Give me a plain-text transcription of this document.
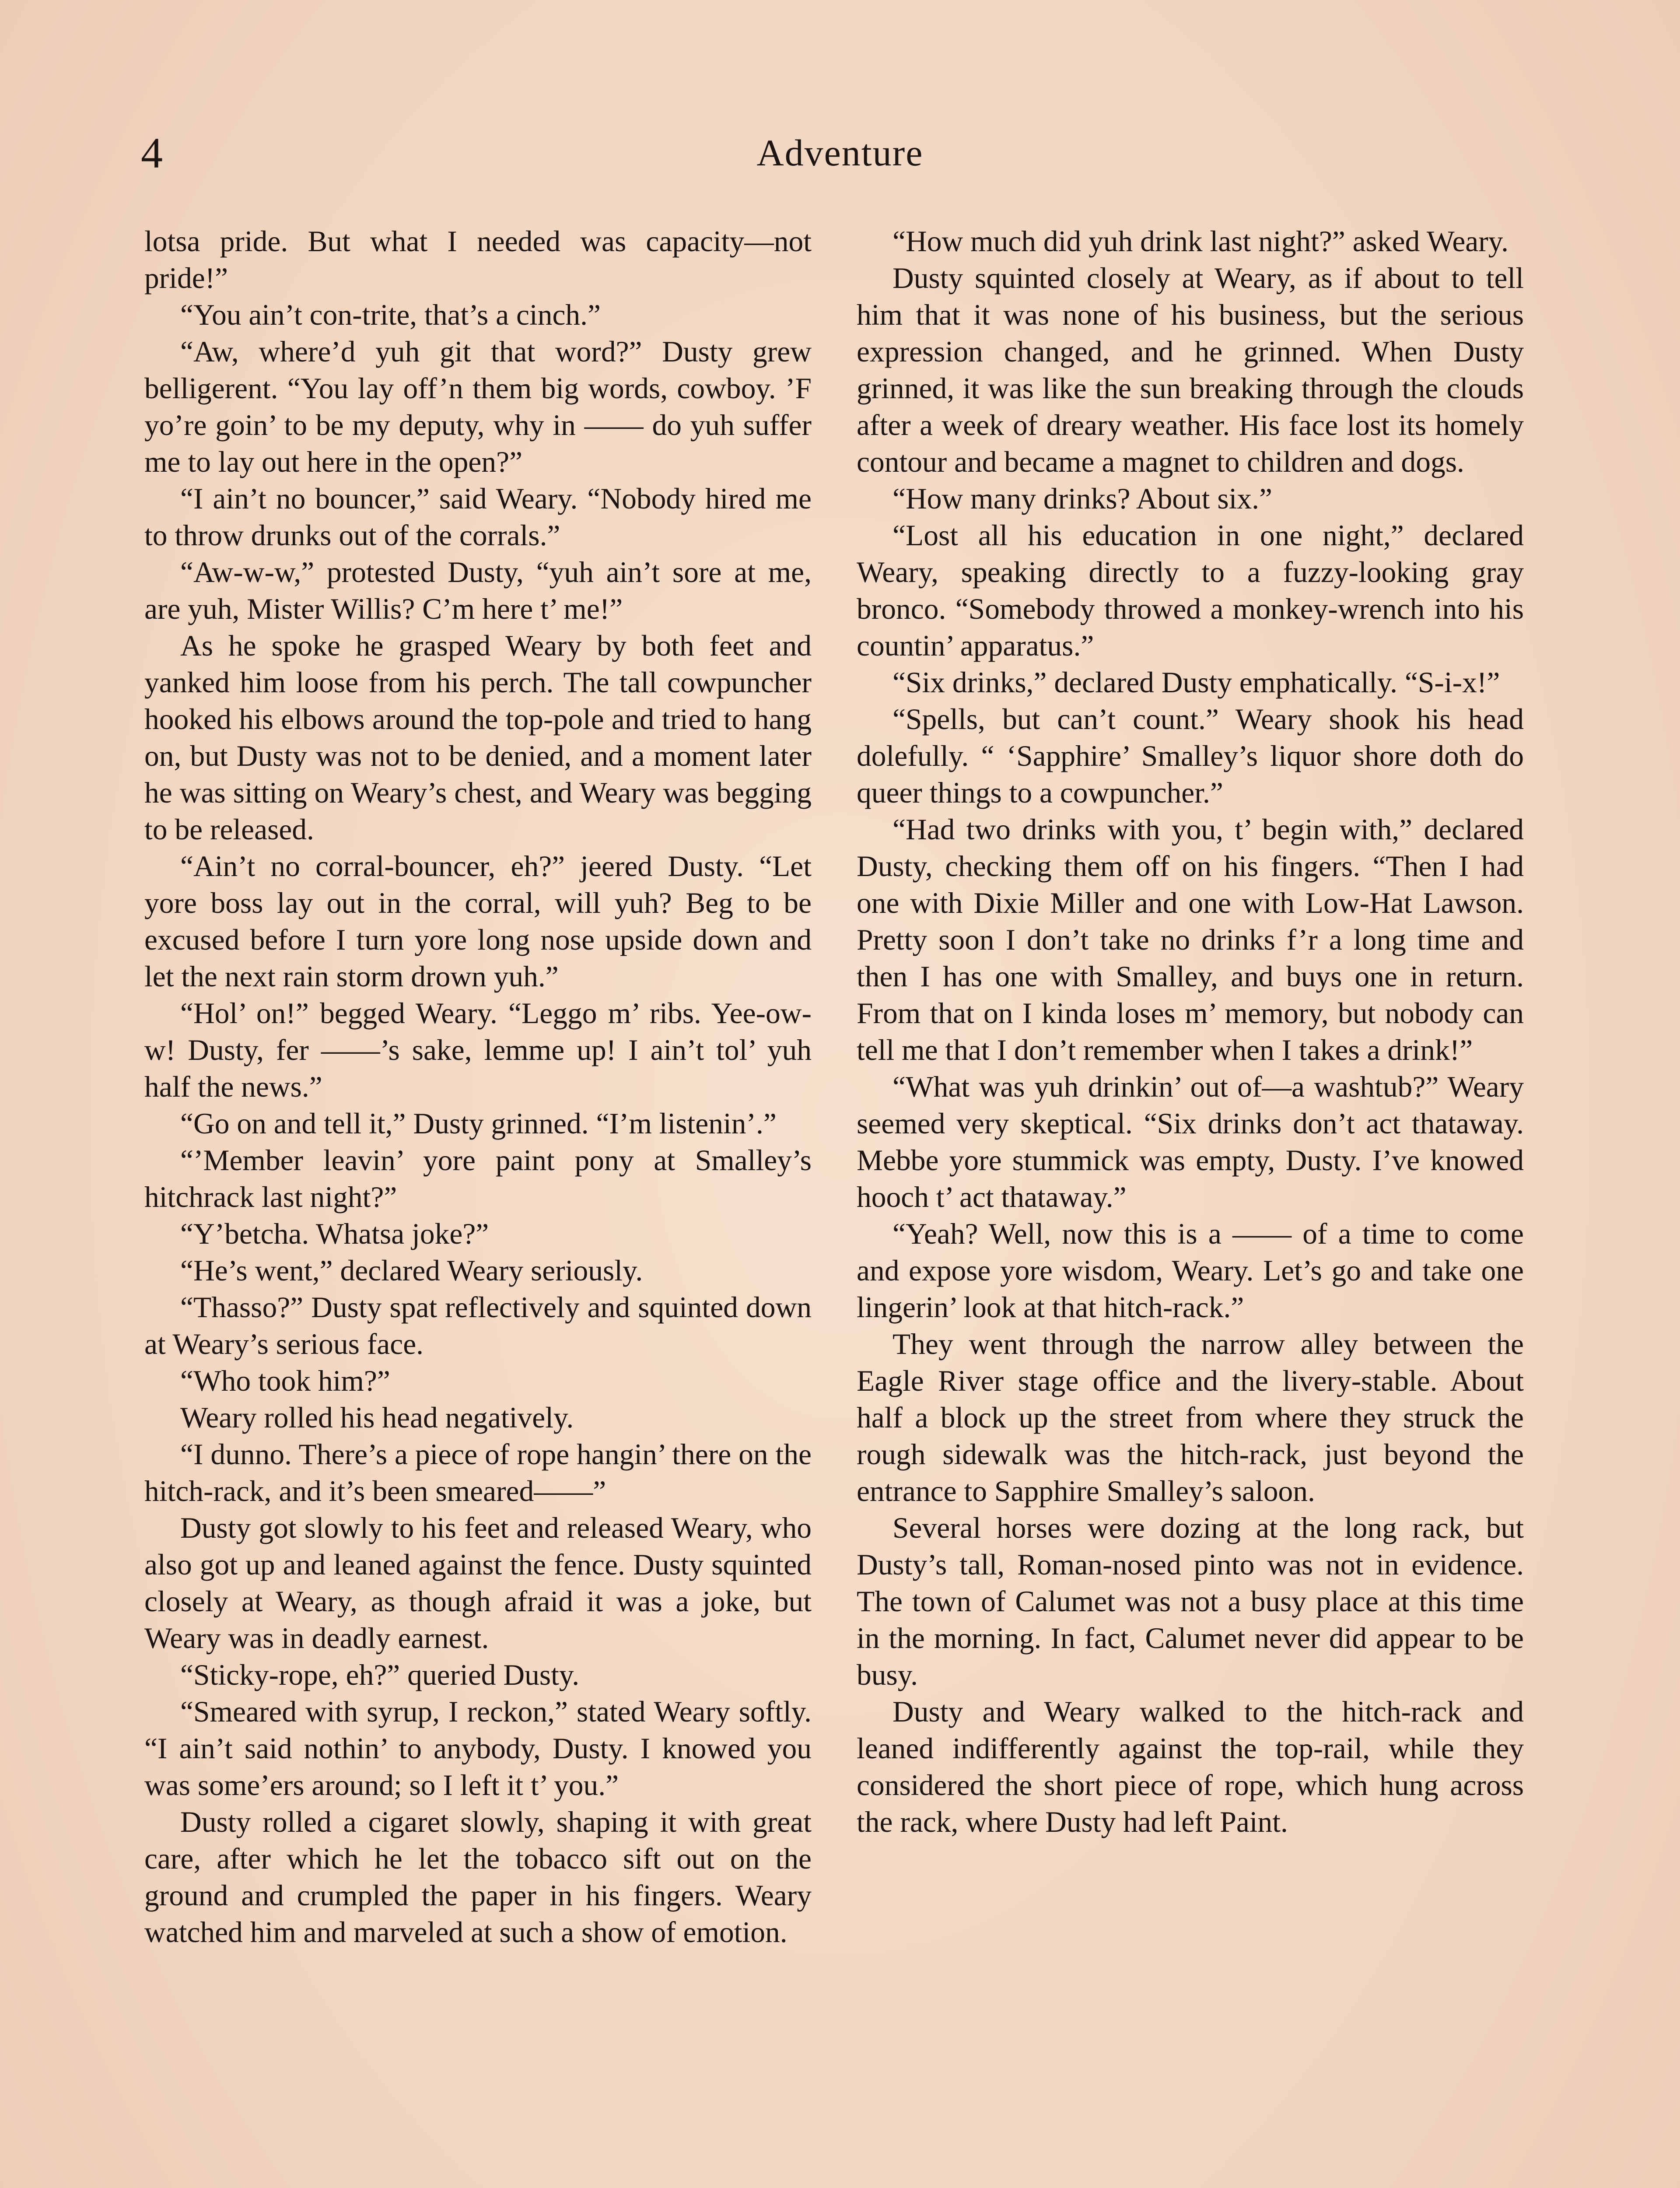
4	Adventure

lotsa pride. But what I needed was capacity—not pride!”

“You ain’t con-trite, that’s a cinch.”

“Aw, where’d yuh git that word?” Dusty grew belligerent. “You lay off’n them big words, cowboy. ’F yo’re goin’ to be my deputy, why in —— do yuh suffer me to lay out here in the open?”

“I ain’t no bouncer,” said Weary. “Nobody hired me to throw drunks out of the corrals.”

“Aw-w-w,” protested Dusty, “yuh ain’t sore at me, are yuh, Mister Willis? C’m here t’ me!”

As he spoke he grasped Weary by both feet and yanked him loose from his perch. The tall cowpuncher hooked his elbows around the top-pole and tried to hang on, but Dusty was not to be denied, and a moment later he was sitting on Weary’s chest, and Weary was begging to be released.

“Ain’t no corral-bouncer, eh?” jeered Dusty. “Let yore boss lay out in the corral, will yuh? Beg to be excused before I turn yore long nose upside down and let the next rain storm drown yuh.”

“Hol’ on!” begged Weary. “Leggo m’ ribs. Yee-ow-w! Dusty, fer ——’s sake, lemme up! I ain’t tol’ yuh half the news.”

“Go on and tell it,” Dusty grinned. “I’m listenin’.”

“’Member leavin’ yore paint pony at Smalley’s hitchrack last night?”

“Y’betcha. Whatsa joke?”

“He’s went,” declared Weary seriously.

“Thasso?” Dusty spat reflectively and squinted down at Weary’s serious face.

“Who took him?”

Weary rolled his head negatively.

“I dunno. There’s a piece of rope hangin’ there on the hitch-rack, and it’s been smeared——”

Dusty got slowly to his feet and released Weary, who also got up and leaned against the fence. Dusty squinted closely at Weary, as though afraid it was a joke, but Weary was in deadly earnest.

“Sticky-rope, eh?” queried Dusty.

“Smeared with syrup, I reckon,” stated Weary softly. “I ain’t said nothin’ to anybody, Dusty. I knowed you was some’ers around; so I left it t’ you.”

Dusty rolled a cigaret slowly, shaping it with great care, after which he let the tobacco sift out on the ground and crumpled the paper in his fingers. Weary watched him and marveled at such a show of emotion.

“How much did yuh drink last night?” asked Weary.

Dusty squinted closely at Weary, as if about to tell him that it was none of his business, but the serious expression changed, and he grinned. When Dusty grinned, it was like the sun breaking through the clouds after a week of dreary weather. His face lost its homely contour and became a magnet to children and dogs.

“How many drinks? About six.”

“Lost all his education in one night,” declared Weary, speaking directly to a fuzzy-looking gray bronco. “Somebody throwed a monkey-wrench into his countin’ apparatus.”

“Six drinks,” declared Dusty emphatically. “S-i-x!”

“Spells, but can’t count.” Weary shook his head dolefully. “ ‘Sapphire’ Smalley’s liquor shore doth do queer things to a cowpuncher.”

“Had two drinks with you, t’ begin with,” declared Dusty, checking them off on his fingers. “Then I had one with Dixie Miller and one with Low-Hat Lawson. Pretty soon I don’t take no drinks f’r a long time and then I has one with Smalley, and buys one in return. From that on I kinda loses m’ memory, but nobody can tell me that I don’t remember when I takes a drink!”

“What was yuh drinkin’ out of—a washtub?” Weary seemed very skeptical. “Six drinks don’t act thataway. Mebbe yore stummick was empty, Dusty. I’ve knowed hooch t’ act thataway.”

“Yeah? Well, now this is a —— of a time to come and expose yore wisdom, Weary. Let’s go and take one lingerin’ look at that hitch-rack.”

They went through the narrow alley between the Eagle River stage office and the livery-stable. About half a block up the street from where they struck the rough sidewalk was the hitch-rack, just beyond the entrance to Sapphire Smalley’s saloon.

Several horses were dozing at the long rack, but Dusty’s tall, Roman-nosed pinto was not in evidence. The town of Calumet was not a busy place at this time in the morning. In fact, Calumet never did appear to be busy.

Dusty and Weary walked to the hitch-rack and leaned indifferently against the top-rail, while they considered the short piece of rope, which hung across the rack, where Dusty had left Paint.
